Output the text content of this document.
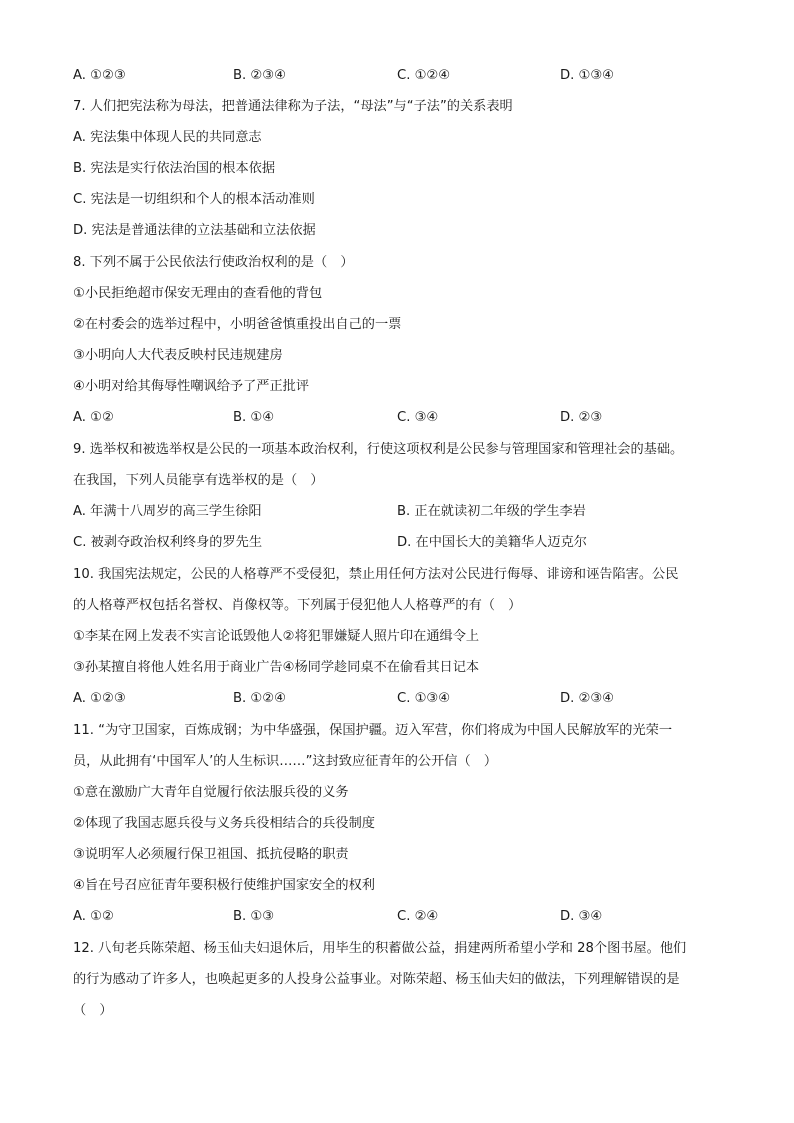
A. ①②③	B. ②③④	C. ①②④	D. ①③④
7. 人们把宪法称为母法，把普通法律称为子法，“母法”与“子法”的关系表明
A. 宪法集中体现人民的共同意志
B. 宪法是实行依法治国的根本依据
C. 宪法是一切组织和个人的根本活动准则
D. 宪法是普通法律的立法基础和立法依据
8. 下列不属于公民依法行使政治权利的是（　）
①小民拒绝超市保安无理由的查看他的背包
②在村委会的选举过程中，小明爸爸慎重投出自己的一票
③小明向人大代表反映村民违规建房
④小明对给其侮辱性嘲讽给予了严正批评
A. ①②	B. ①④	C. ③④	D. ②③
9. 选举权和被选举权是公民的一项基本政治权利，行使这项权利是公民参与管理国家和管理社会的基础。
在我国，下列人员能享有选举权的是（　）
A. 年满十八周岁的高三学生徐阳	B. 正在就读初二年级的学生李岩
C. 被剥夺政治权利终身的罗先生	D. 在中国长大的美籍华人迈克尔
10. 我国宪法规定，公民的人格尊严不受侵犯，禁止用任何方法对公民进行侮辱、诽谤和诬告陷害。公民
的人格尊严权包括名誉权、肖像权等。下列属于侵犯他人人格尊严的有（　）
①李某在网上发表不实言论诋毁他人②将犯罪嫌疑人照片印在通缉令上
③孙某擅自将他人姓名用于商业广告④杨同学趁同桌不在偷看其日记本
A. ①②③	B. ①②④	C. ①③④	D. ②③④
11. “为守卫国家，百炼成钢；为中华盛强，保国护疆。迈入军营，你们将成为中国人民解放军的光荣一
员，从此拥有‘中国军人’的人生标识……”这封致应征青年的公开信（　）
①意在激励广大青年自觉履行依法服兵役的义务
②体现了我国志愿兵役与义务兵役相结合的兵役制度
③说明军人必须履行保卫祖国、抵抗侵略的职责
④旨在号召应征青年要积极行使维护国家安全的权利
A. ①②	B. ①③	C. ②④	D. ③④
12. 八旬老兵陈荣超、杨玉仙夫妇退休后，用毕生的积蓄做公益，捐建两所希望小学和 28个图书屋。他们
的行为感动了许多人，也唤起更多的人投身公益事业。对陈荣超、杨玉仙夫妇的做法，下列理解错误的是
（　）
